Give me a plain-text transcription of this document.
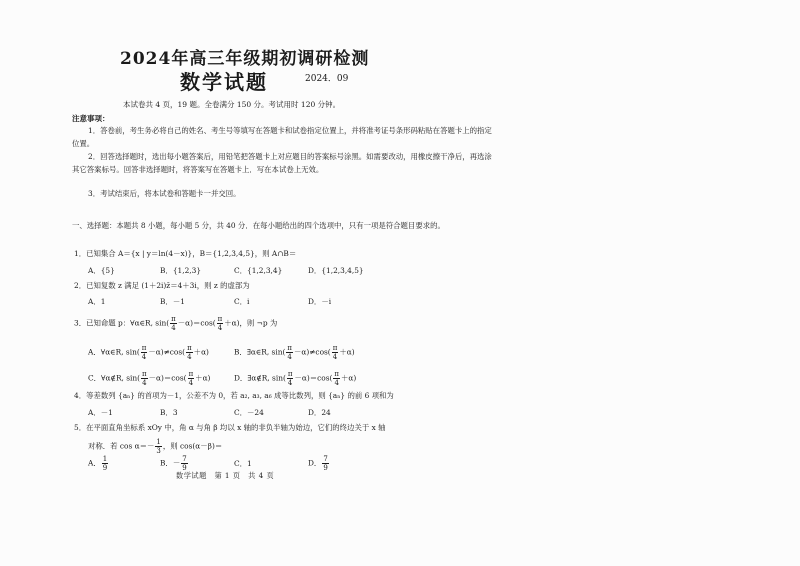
2024年高三年级期初调研检测
数学试题	2024．09
本试卷共 4 页，19 题。全卷满分 150 分。考试用时 120 分钟。
注意事项：
1．答卷前，考生务必将自己的姓名、考生号等填写在答题卡和试卷指定位置上，并将准考证号条形码粘贴在答题卡上的指定位置。
2．回答选择题时，选出每小题答案后，用铅笔把答题卡上对应题目的答案标号涂黑。如需要改动，用橡皮擦干净后，再选涂其它答案标号。回答非选择题时，将答案写在答题卡上．写在本试卷上无效。
3．考试结束后，将本试卷和答题卡一并交回。
一、选择题：本题共 8 小题，每小题 5 分，共 40 分．在每小题给出的四个选项中，只有一项是符合题目要求的。
1．已知集合 A＝{x | y＝ln(4－x)}，B＝{1,2,3,4,5}，则 A∩B＝
A．{5}	B．{1,2,3}	C．{1,2,3,4}	D．{1,2,3,4,5}
2．已知复数 z 满足 (1＋2i)z̄＝4＋3i，则 z 的虚部为
A．1	B．－1	C．i	D．－i
3．已知命题 p：∀α∈R, $\sin( \frac{\pi}{4} -\alpha)=\cos( \frac{\pi}{4} +\alpha)$，则 ¬p 为
A．∀α∈R, $\sin( \frac{\pi}{4} -\alpha)\ne\cos( \frac{\pi}{4} +\alpha)$	B．∃α∈R, $\sin( \frac{\pi}{4} -\alpha)\ne\cos( \frac{\pi}{4} +\alpha)$
C．∀α∉R, $\sin( \frac{\pi}{4} -\alpha)=\cos( \frac{\pi}{4} +\alpha)$	D．∃α∉R, $\sin( \frac{\pi}{4} -\alpha)=\cos( \frac{\pi}{4} +\alpha)$
4．等差数列 {aₙ} 的首项为－1，公差不为 0，若 a₂, a₃, a₆ 成等比数列，则 {aₙ} 的前 6 项和为
A．－1	B．3	C．－24	D．24
5．在平面直角坐标系 xOy 中，角 α 与角 β 均以 x 轴的非负半轴为始边，它们的终边关于 x 轴
对称．若 $\cos \alpha=- \frac{1}{3}$ ，则 cos(α－β)＝
A． $\frac{1}{9}$	B．－ $\frac{7}{9}$	C．1	D． $\frac{7}{9}$
数学试题　第 1 页　共 4 页
